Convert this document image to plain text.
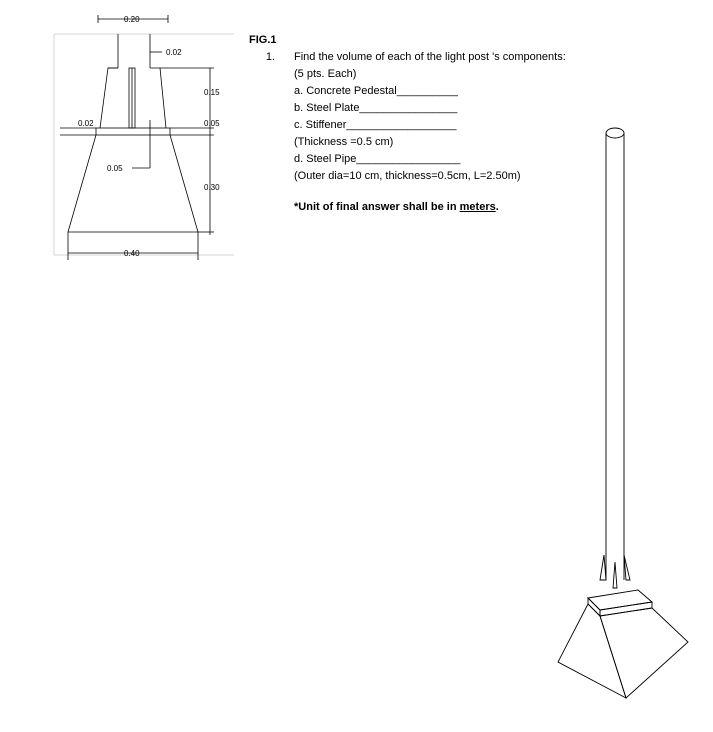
0.20
0.02
0.15
0.02	0.05
0.05
0.30
0.40

FIG.1

1.	Find the volume of each of the light post 's components: (5 pts. Each)
a. Concrete Pedestal__________
b. Steel Plate________________
c. Stiffener__________________
(Thickness =0.5 cm)
d. Steel Pipe_________________
(Outer dia=10 cm, thickness=0.5cm, L=2.50m)
*Unit of final answer shall be in meters.
